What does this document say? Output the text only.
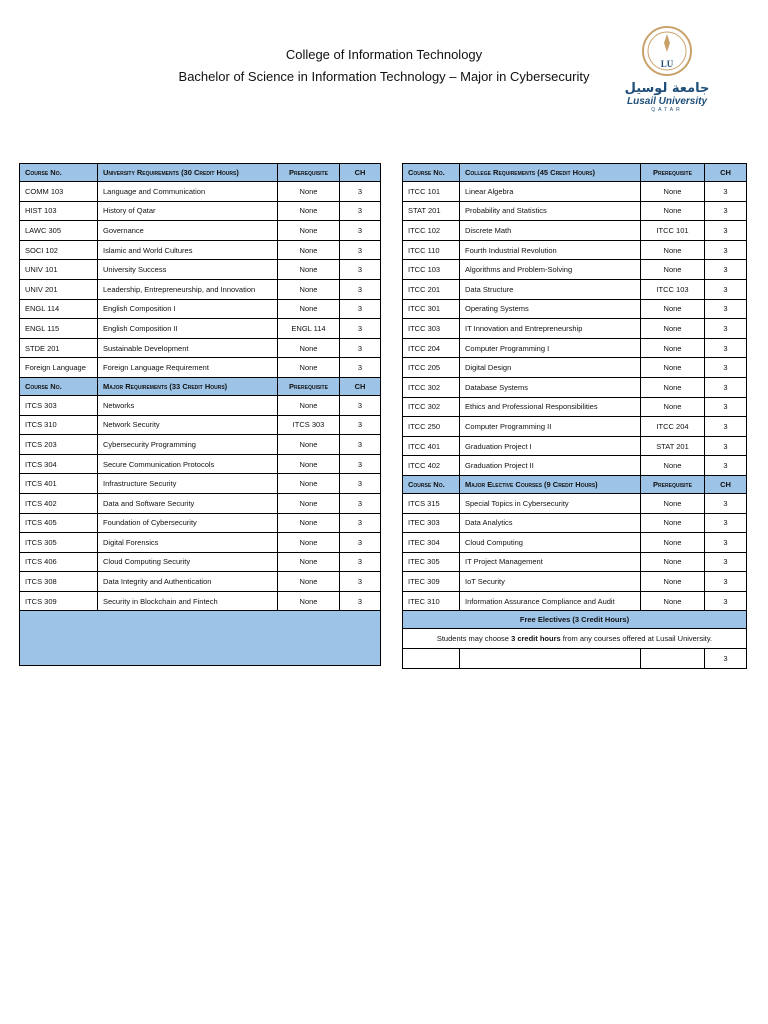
College of Information Technology
Bachelor of Science in Information Technology – Major in Cybersecurity
LU
جامعة لوسيل
Lusail University
QATAR
Course No.	University Requirements (30 Credit Hours)	Prerequisite	CH
COMM 103	Language and Communication	None	3
HIST 103	History of Qatar	None	3
LAWC 305	Governance	None	3
SOCI 102	Islamic and World Cultures	None	3
UNIV 101	University Success	None	3
UNIV 201	Leadership, Entrepreneurship, and Innovation	None	3
ENGL 114	English Composition I	None	3
ENGL 115	English Composition II	ENGL 114	3
STDE 201	Sustainable Development	None	3
Foreign Language	Foreign Language Requirement	None	3
Course No.	Major Requirements (33 Credit Hours)	Prerequisite	CH
ITCS 303	Networks	None	3
ITCS 310	Network Security	ITCS 303	3
ITCS 203	Cybersecurity Programming	None	3
ITCS 304	Secure Communication Protocols	None	3
ITCS 401	Infrastructure Security	None	3
ITCS 402	Data and Software Security	None	3
ITCS 405	Foundation of Cybersecurity	None	3
ITCS 305	Digital Forensics	None	3
ITCS 406	Cloud Computing Security	None	3
ITCS 308	Data Integrity and Authentication	None	3
ITCS 309	Security in Blockchain and Fintech	None	3

Course No.	College Requirements (45 Credit Hours)	Prerequisite	CH
ITCC 101	Linear Algebra	None	3
STAT 201	Probability and Statistics	None	3
ITCC 102	Discrete Math	ITCC 101	3
ITCC 110	Fourth Industrial Revolution	None	3
ITCC 103	Algorithms and Problem-Solving	None	3
ITCC 201	Data Structure	ITCC 103	3
ITCC 301	Operating Systems	None	3
ITCC 303	IT Innovation and Entrepreneurship	None	3
ITCC 204	Computer Programming I	None	3
ITCC 205	Digital Design	None	3
ITCC 302	Database Systems	None	3
ITCC 302	Ethics and Professional Responsibilities	None	3
ITCC 250	Computer Programming II	ITCC 204	3
ITCC 401	Graduation Project I	STAT 201	3
ITCC 402	Graduation Project II	None	3
Course No.	Major Elective Courses (9 Credit Hours)	Prerequisite	CH
ITCS 315	Special Topics in Cybersecurity	None	3
ITEC 303	Data Analytics	None	3
ITEC 304	Cloud Computing	None	3
ITEC 305	IT Project Management	None	3
ITEC 309	IoT Security	None	3
ITEC 310	Information Assurance Compliance and Audit	None	3
Free Electives (3 Credit Hours)			
Students may choose 3 credit hours from any courses offered at Lusail University.			
			3
